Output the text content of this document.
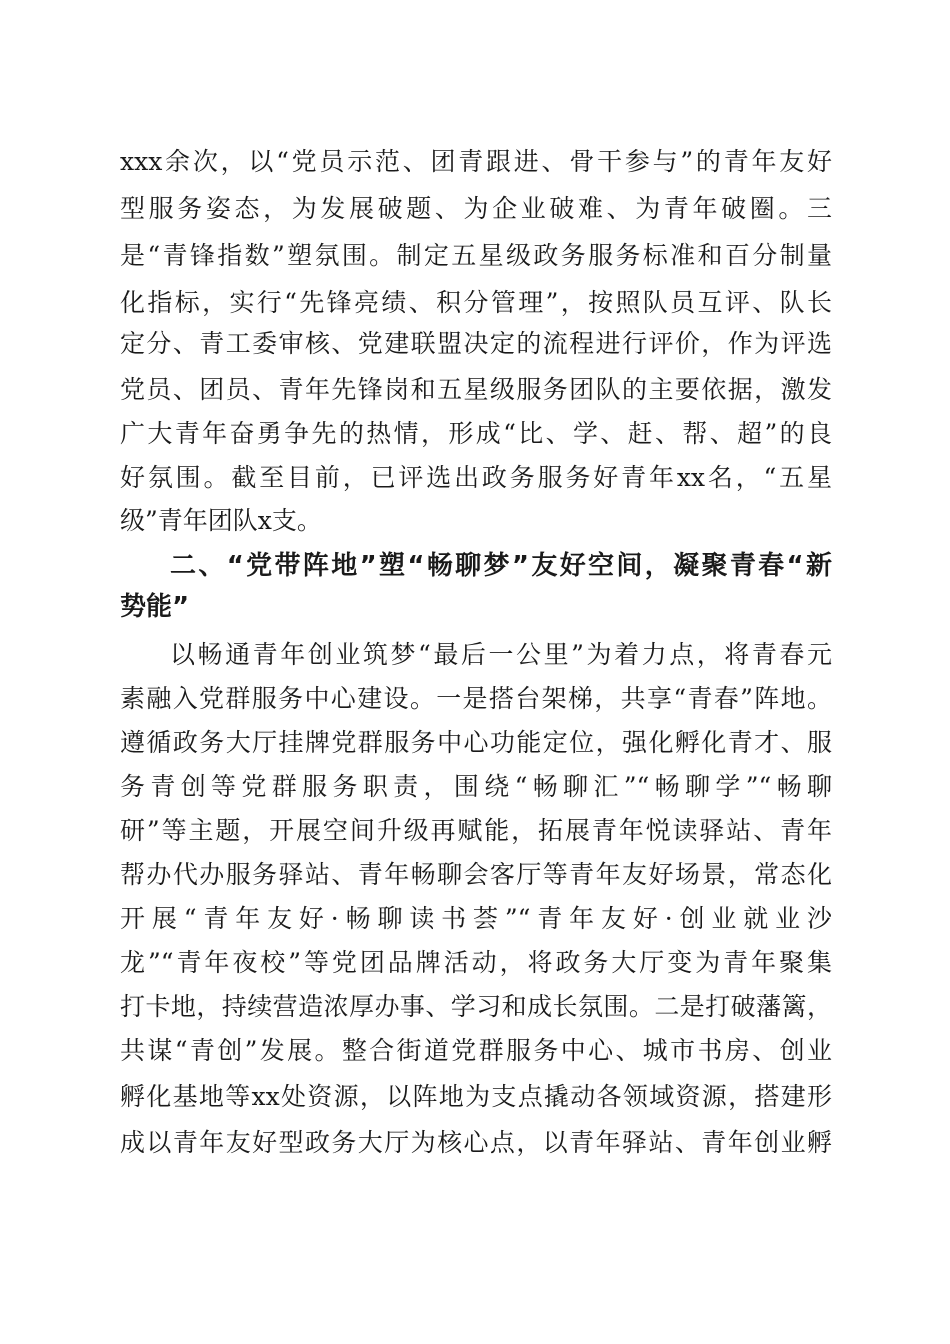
xxx余次，以“党员示范、团青跟进、骨干参与”的青年友好
型服务姿态，为发展破题、为企业破难、为青年破圈。三
是“青锋指数”塑氛围。制定五星级政务服务标准和百分制量
化指标，实行“先锋亮绩、积分管理”，按照队员互评、队长
定分、青工委审核、党建联盟决定的流程进行评价，作为评选
党员、团员、青年先锋岗和五星级服务团队的主要依据，激发
广大青年奋勇争先的热情，形成“比、学、赶、帮、超”的良
好氛围。截至目前，已评选出政务服务好青年xx名，“五星
级”青年团队x支。
二、“党带阵地”塑“畅聊梦”友好空间，凝聚青春“新
势能”
以畅通青年创业筑梦“最后一公里”为着力点，将青春元
素融入党群服务中心建设。一是搭台架梯，共享“青春”阵地。
遵循政务大厅挂牌党群服务中心功能定位，强化孵化青才、服
务青创等党群服务职责，围绕“畅聊汇”“畅聊学”“畅聊
研”等主题，开展空间升级再赋能，拓展青年悦读驿站、青年
帮办代办服务驿站、青年畅聊会客厅等青年友好场景，常态化
开展“青年友好·畅聊读书荟”“青年友好·创业就业沙
龙”“青年夜校”等党团品牌活动，将政务大厅变为青年聚集
打卡地，持续营造浓厚办事、学习和成长氛围。二是打破藩篱，
共谋“青创”发展。整合街道党群服务中心、城市书房、创业
孵化基地等xx处资源，以阵地为支点撬动各领域资源，搭建形
成以青年友好型政务大厅为核心点，以青年驿站、青年创业孵
